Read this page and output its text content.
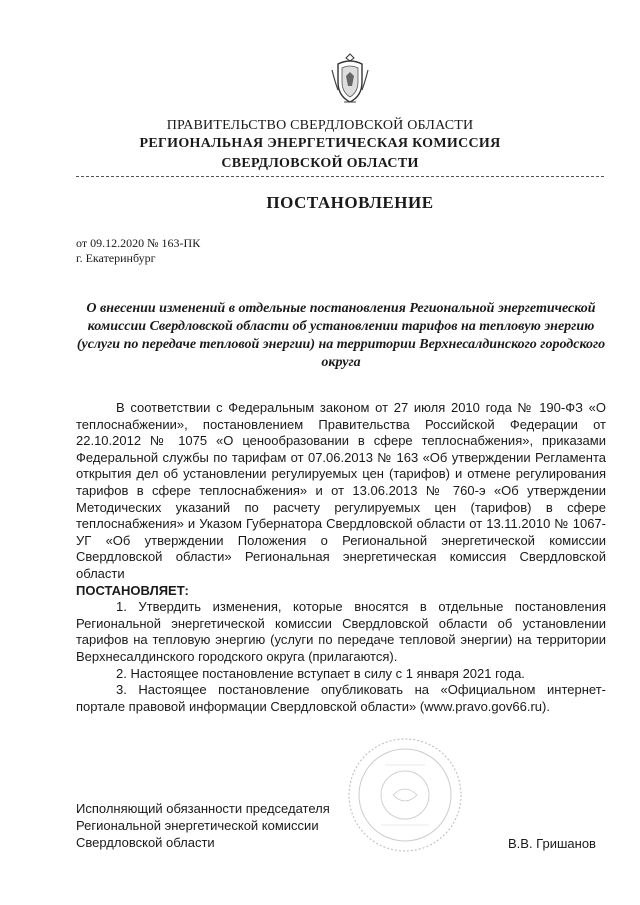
ПРАВИТЕЛЬСТВО СВЕРДЛОВСКОЙ ОБЛАСТИ
РЕГИОНАЛЬНАЯ ЭНЕРГЕТИЧЕСКАЯ КОМИССИЯ
СВЕРДЛОВСКОЙ ОБЛАСТИ
ПОСТАНОВЛЕНИЕ
от 09.12.2020 № 163-ПК
г. Екатеринбург
О внесении изменений в отдельные постановления Региональной энергетической комиссии Свердловской области об установлении тарифов на тепловую энергию (услуги по передаче тепловой энергии) на территории Верхнесалдинского городского округа

В соответствии с Федеральным законом от 27 июля 2010 года № 190-ФЗ «О теплоснабжении», постановлением Правительства Российской Федерации от 22.10.2012 № 1075 «О ценообразовании в сфере теплоснабжения», приказами Федеральной службы по тарифам от 07.06.2013 № 163 «Об утверждении Регламента открытия дел об установлении регулируемых цен (тарифов) и отмене регулирования тарифов в сфере теплоснабжения» и от 13.06.2013 № 760-э «Об утверждении Методических указаний по расчету регулируемых цен (тарифов) в сфере теплоснабжения» и Указом Губернатора Свердловской области от 13.11.2010 № 1067-УГ «Об утверждении Положения о Региональной энергетической комиссии Свердловской области» Региональная энергетическая комиссия Свердловской области

ПОСТАНОВЛЯЕТ:

1. Утвердить изменения, которые вносятся в отдельные постановления Региональной энергетической комиссии Свердловской области об установлении тарифов на тепловую энергию (услуги по передаче тепловой энергии) на территории Верхнесалдинского городского округа (прилагаются).

2. Настоящее постановление вступает в силу с 1 января 2021 года.

3. Настоящее постановление опубликовать на «Официальном интернет-портале правовой информации Свердловской области» (www.pravo.gov66.ru).

Исполняющий обязанности председателя
Региональной энергетической комиссии
Свердловской области	В.В. Гришанов
